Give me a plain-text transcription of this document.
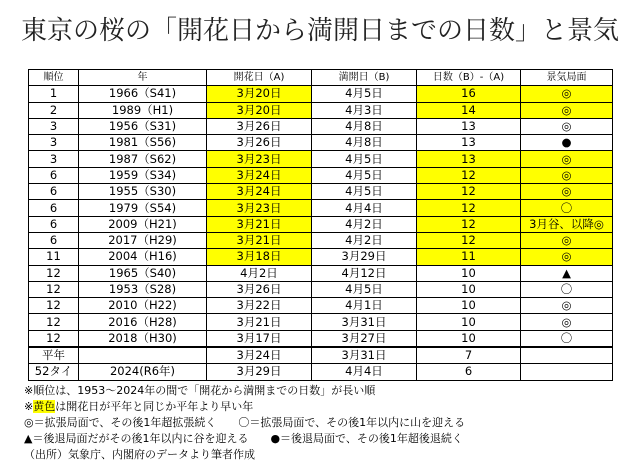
東京の桜の「開花日から満開日までの日数」と景気
順位	年	開花日（A)	満開日（B)	日数（B）-（A)	景気局面
1	1966（S41)	3月20日	4月5日	16	◎
2	1989（H1)	3月20日	4月3日	14	◎
3	1956（S31)	3月26日	4月8日	13	◎
3	1981（S56)	3月26日	4月8日	13	●
3	1987（S62)	3月23日	4月5日	13	◎
6	1959（S34)	3月24日	4月5日	12	◎
6	1955（S30)	3月24日	4月5日	12	◎
6	1979（S54)	3月23日	4月4日	12	〇
6	2009（H21)	3月21日	4月2日	12	3月谷、以降◎
6	2017（H29)	3月21日	4月2日	12	◎
11	2004（H16)	3月18日	3月29日	11	◎
12	1965（S40)	4月2日	4月12日	10	▲
12	1953（S28)	3月26日	4月5日	10	〇
12	2010（H22)	3月22日	4月1日	10	◎
12	2016（H28)	3月21日	3月31日	10	◎
12	2018（H30)	3月17日	3月27日	10	〇
平年		3月24日	3月31日	7	
52タイ	2024(R6年)	3月29日	4月4日	6	
※順位は、1953～2024年の間で「開花から満開までの日数」が長い順
※黄色は開花日が平年と同じか平年より早い年
◎＝拡張局面で、その後1年超拡張続く　　〇＝拡張局面で、その後1年以内に山を迎える
▲＝後退局面だがその後1年以内に谷を迎える　　●＝後退局面で、その後1年超後退続く
（出所）気象庁、内閣府のデータより筆者作成
